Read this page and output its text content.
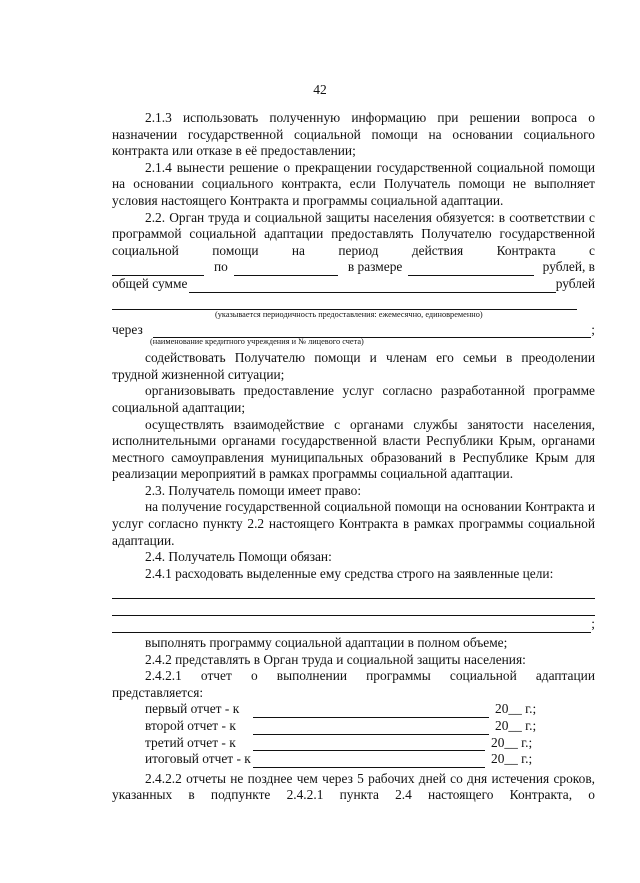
42

2.1.3 использовать полученную информацию при решении вопроса о назначении государственной социальной помощи на основании социального контракта или отказе в её предоставлении;

2.1.4 вынести решение о прекращении государственной социальной помощи на основании социального контракта, если Получатель помощи не выполняет условия настоящего Контракта и программы социальной адаптации.

2.2. Орган труда и социальной защиты населения обязуется: в соответствии с программой социальной адаптации предоставлять Получателю государственной социальной помощи на период действия Контракта с

по	в размере	рублей, в
общей сумме	рублей
(указывается периодичность предоставления: ежемесячно, единовременно)
через	;
(наименование кредитного учреждения и № лицевого счета)

содействовать Получателю помощи и членам его семьи в преодолении трудной жизненной ситуации;

организовывать предоставление услуг согласно разработанной программе социальной адаптации;

осуществлять взаимодействие с органами службы занятости населения, исполнительными органами государственной власти Республики Крым, органами местного самоуправления муниципальных образований в Республике Крым для реализации мероприятий в рамках программы социальной адаптации.

2.3. Получатель помощи имеет право:

на получение государственной социальной помощи на основании Контракта и услуг согласно пункту 2.2 настоящего Контракта в рамках программы социальной адаптации.

2.4. Получатель Помощи обязан:

2.4.1 расходовать выделенные ему средства строго на заявленные цели:

;

выполнять программу социальной адаптации в полном объеме;

2.4.2 представлять в Орган труда и социальной защиты населения:

2.4.2.1 отчет о выполнении программы социальной адаптации представляется:

первый отчет - к	20__ г.;
второй отчет - к	20__ г.;
третий отчет - к	20__ г.;
итоговый отчет - к	20__ г.;

2.4.2.2 отчеты не позднее чем через 5 рабочих дней со дня истечения сроков, указанных в подпункте 2.4.2.1 пункта 2.4 настоящего Контракта, о
